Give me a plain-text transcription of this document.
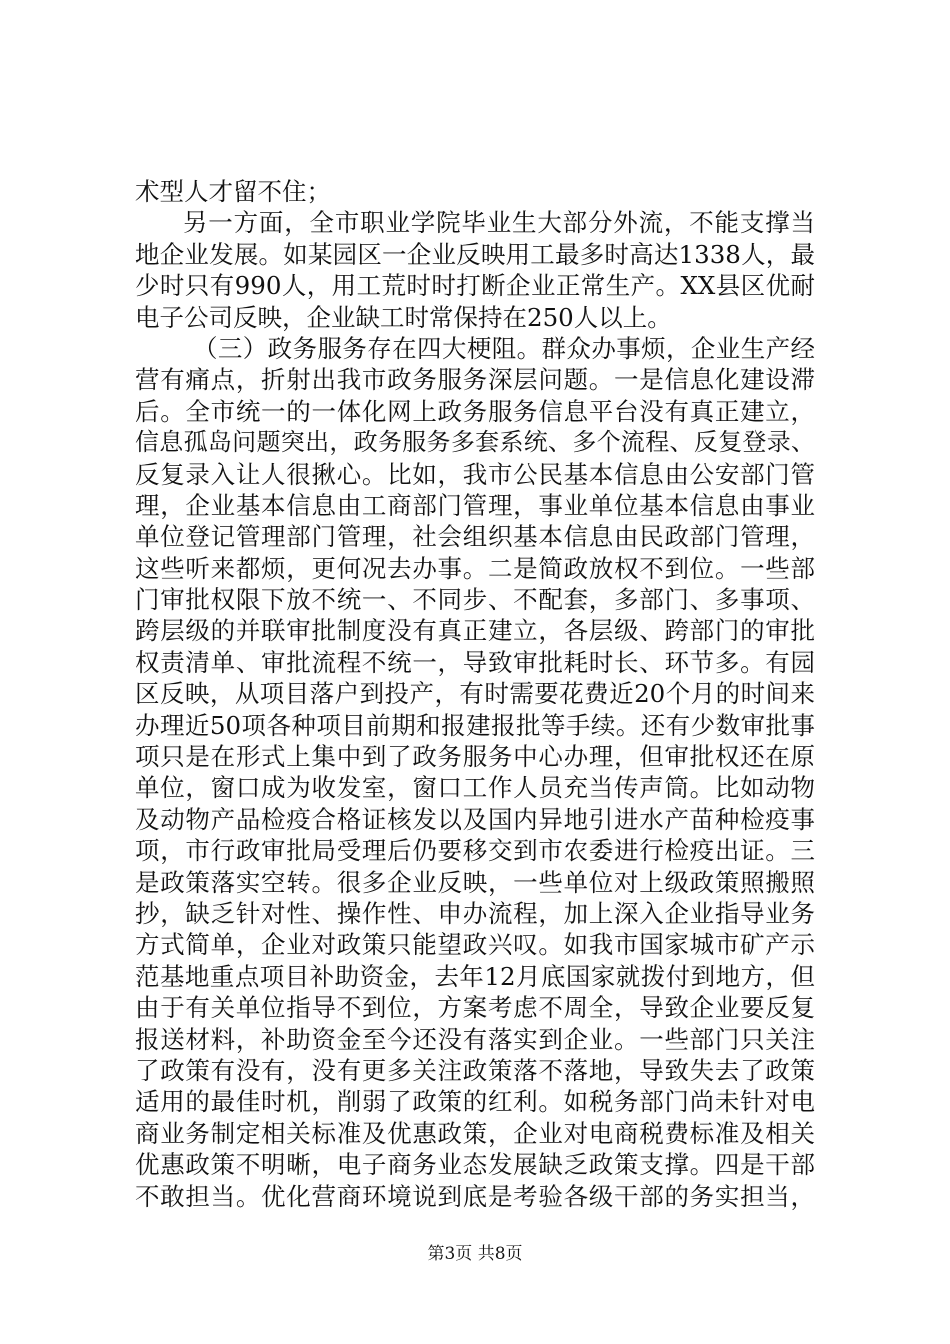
术型人才留不住；
另一方面，全市职业学院毕业生大部分外流，不能支撑当
地企业发展。如某园区一企业反映用工最多时高达1338人，最
少时只有990人，用工荒时时打断企业正常生产。XX县区优耐
电子公司反映，企业缺工时常保持在250人以上。
（三）政务服务存在四大梗阻。群众办事烦，企业生产经
营有痛点，折射出我市政务服务深层问题。一是信息化建设滞
后。全市统一的一体化网上政务服务信息平台没有真正建立，
信息孤岛问题突出，政务服务多套系统、多个流程、反复登录、
反复录入让人很揪心。比如，我市公民基本信息由公安部门管
理，企业基本信息由工商部门管理，事业单位基本信息由事业
单位登记管理部门管理，社会组织基本信息由民政部门管理，
这些听来都烦，更何况去办事。二是简政放权不到位。一些部
门审批权限下放不统一、不同步、不配套，多部门、多事项、
跨层级的并联审批制度没有真正建立，各层级、跨部门的审批
权责清单、审批流程不统一，导致审批耗时长、环节多。有园
区反映，从项目落户到投产，有时需要花费近20个月的时间来
办理近50项各种项目前期和报建报批等手续。还有少数审批事
项只是在形式上集中到了政务服务中心办理，但审批权还在原
单位，窗口成为收发室，窗口工作人员充当传声筒。比如动物
及动物产品检疫合格证核发以及国内异地引进水产苗种检疫事
项，市行政审批局受理后仍要移交到市农委进行检疫出证。三
是政策落实空转。很多企业反映，一些单位对上级政策照搬照
抄，缺乏针对性、操作性、申办流程，加上深入企业指导业务
方式简单，企业对政策只能望政兴叹。如我市国家城市矿产示
范基地重点项目补助资金，去年12月底国家就拨付到地方，但
由于有关单位指导不到位，方案考虑不周全，导致企业要反复
报送材料，补助资金至今还没有落实到企业。一些部门只关注
了政策有没有，没有更多关注政策落不落地，导致失去了政策
适用的最佳时机，削弱了政策的红利。如税务部门尚未针对电
商业务制定相关标准及优惠政策，企业对电商税费标准及相关
优惠政策不明晰，电子商务业态发展缺乏政策支撑。四是干部
不敢担当。优化营商环境说到底是考验各级干部的务实担当，
第3页 共8页
